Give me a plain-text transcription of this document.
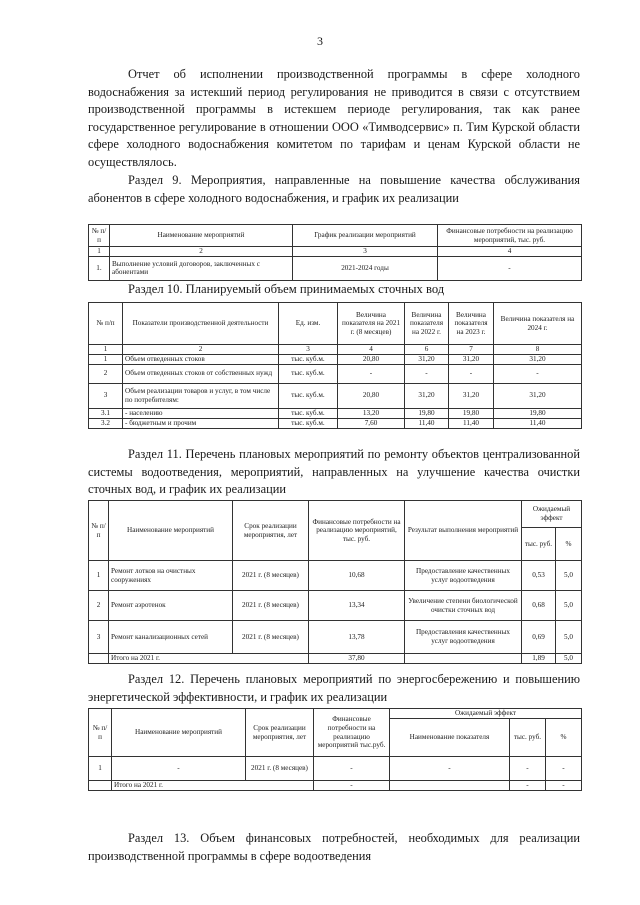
3
Отчет об исполнении производственной программы в сфере холодного водоснабжения за истекший период регулирования не приводится в связи с отсутствием производственной программы в истекшем периоде регулирования, так как ранее государственное регулирование в отношении ООО «Тимводсервис» п. Тим Курской области сфере холодного водоснабжения комитетом по тарифам и ценам Курской области не осуществлялось.
Раздел 9. Мероприятия, направленные на повышение качества обслуживания абонентов в сфере холодного водоснабжения, и график их реализации
№ п/п	Наименование мероприятий	График реализации мероприятий	Финансовые потребности на реализацию мероприятий, тыс. руб.
1	2	3	4
1.	Выполнение условий договоров, заключенных с абонентами	2021-2024 годы	-
Раздел 10. Планируемый объем принимаемых сточных вод
№ п/п	Показатели производственной деятельности	Ед. изм.	Величина показателя на 2021 г. (8 месяцев)	Величина показателя на 2022 г.	Величина показателя на 2023 г.	Величина показателя на 2024 г.
1	2	3	4	6	7	8
1	Объем отведенных стоков	тыс. куб.м.	20,80	31,20	31,20	31,20
2	Объем отведенных стоков от собственных нужд	тыс. куб.м.	-	-	-	-
3	Объем реализации товаров и услуг, в том числе по потребителям:	тыс. куб.м.	20,80	31,20	31,20	31,20
3.1	- населению	тыс. куб.м.	13,20	19,80	19,80	19,80
3.2	- бюджетным и прочим	тыс. куб.м.	7,60	11,40	11,40	11,40
Раздел 11. Перечень плановых мероприятий по ремонту объектов централизованной системы водоотведения, мероприятий, направленных на улучшение качества очистки сточных вод, и график их реализации
№ п/ п	Наименование мероприятий	Срок реализации мероприятия, лет	Финансовые потребности на реализацию мероприятий, тыс. руб.	Результат выполнения мероприятий	Ожидаемый эффект	
					тыс. руб.	%
1	Ремонт лотков на очистных сооружениях	2021 г. (8 месяцев)	10,68	Предоставление качественных услуг водоотведения	0,53	5,0
2	Ремонт аэротенок	2021 г. (8 месяцев)	13,34	Увеличение степени биологической очистки сточных вод	0,68	5,0
3	Ремонт канализационных сетей	2021 г. (8 месяцев)	13,78	Предоставления качественных услуг водоотведения	0,69	5,0
	Итого на 2021 г.		37,80		1,89	5,0
Раздел 12. Перечень плановых мероприятий по энергосбережению и повышению энергетической эффективности, и график их реализации
№ п/ п	Наименование мероприятий	Срок реализации мероприятия, лет	Финансовые потребности на реализацию мероприятий тыс.руб.	Ожидаемый эффект		
				Наименование показателя	тыс. руб.	%
1	-	2021 г. (8 месяцев)	-	-	-	-
	Итого на 2021 г.		-		-	-
Раздел 13. Объем финансовых потребностей, необходимых для реализации производственной программы в сфере водоотведения
